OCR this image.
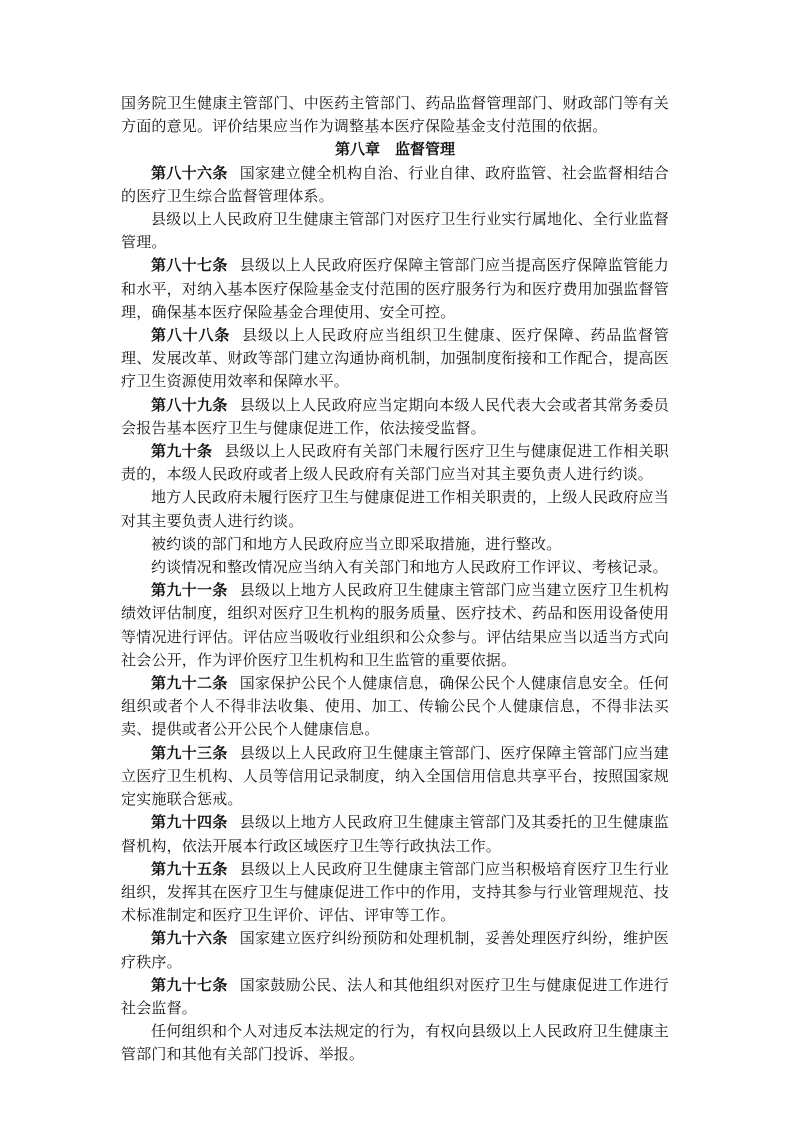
国务院卫生健康主管部门、中医药主管部门、药品监督管理部门、财政部门等有关方面的意见。评价结果应当作为调整基本医疗保险基金支付范围的依据。

第八章　监督管理

第八十六条 国家建立健全机构自治、行业自律、政府监管、社会监督相结合的医疗卫生综合监督管理体系。

县级以上人民政府卫生健康主管部门对医疗卫生行业实行属地化、全行业监督管理。

第八十七条 县级以上人民政府医疗保障主管部门应当提高医疗保障监管能力和水平，对纳入基本医疗保险基金支付范围的医疗服务行为和医疗费用加强监督管理，确保基本医疗保险基金合理使用、安全可控。

第八十八条 县级以上人民政府应当组织卫生健康、医疗保障、药品监督管理、发展改革、财政等部门建立沟通协商机制，加强制度衔接和工作配合，提高医疗卫生资源使用效率和保障水平。

第八十九条 县级以上人民政府应当定期向本级人民代表大会或者其常务委员会报告基本医疗卫生与健康促进工作，依法接受监督。

第九十条 县级以上人民政府有关部门未履行医疗卫生与健康促进工作相关职责的，本级人民政府或者上级人民政府有关部门应当对其主要负责人进行约谈。

地方人民政府未履行医疗卫生与健康促进工作相关职责的，上级人民政府应当对其主要负责人进行约谈。

被约谈的部门和地方人民政府应当立即采取措施，进行整改。

约谈情况和整改情况应当纳入有关部门和地方人民政府工作评议、考核记录。

第九十一条 县级以上地方人民政府卫生健康主管部门应当建立医疗卫生机构绩效评估制度，组织对医疗卫生机构的服务质量、医疗技术、药品和医用设备使用等情况进行评估。评估应当吸收行业组织和公众参与。评估结果应当以适当方式向社会公开，作为评价医疗卫生机构和卫生监管的重要依据。

第九十二条 国家保护公民个人健康信息，确保公民个人健康信息安全。任何组织或者个人不得非法收集、使用、加工、传输公民个人健康信息，不得非法买卖、提供或者公开公民个人健康信息。

第九十三条 县级以上人民政府卫生健康主管部门、医疗保障主管部门应当建立医疗卫生机构、人员等信用记录制度，纳入全国信用信息共享平台，按照国家规定实施联合惩戒。

第九十四条 县级以上地方人民政府卫生健康主管部门及其委托的卫生健康监督机构，依法开展本行政区域医疗卫生等行政执法工作。

第九十五条 县级以上人民政府卫生健康主管部门应当积极培育医疗卫生行业组织，发挥其在医疗卫生与健康促进工作中的作用，支持其参与行业管理规范、技术标准制定和医疗卫生评价、评估、评审等工作。

第九十六条 国家建立医疗纠纷预防和处理机制，妥善处理医疗纠纷，维护医疗秩序。

第九十七条 国家鼓励公民、法人和其他组织对医疗卫生与健康促进工作进行社会监督。

任何组织和个人对违反本法规定的行为，有权向县级以上人民政府卫生健康主管部门和其他有关部门投诉、举报。
